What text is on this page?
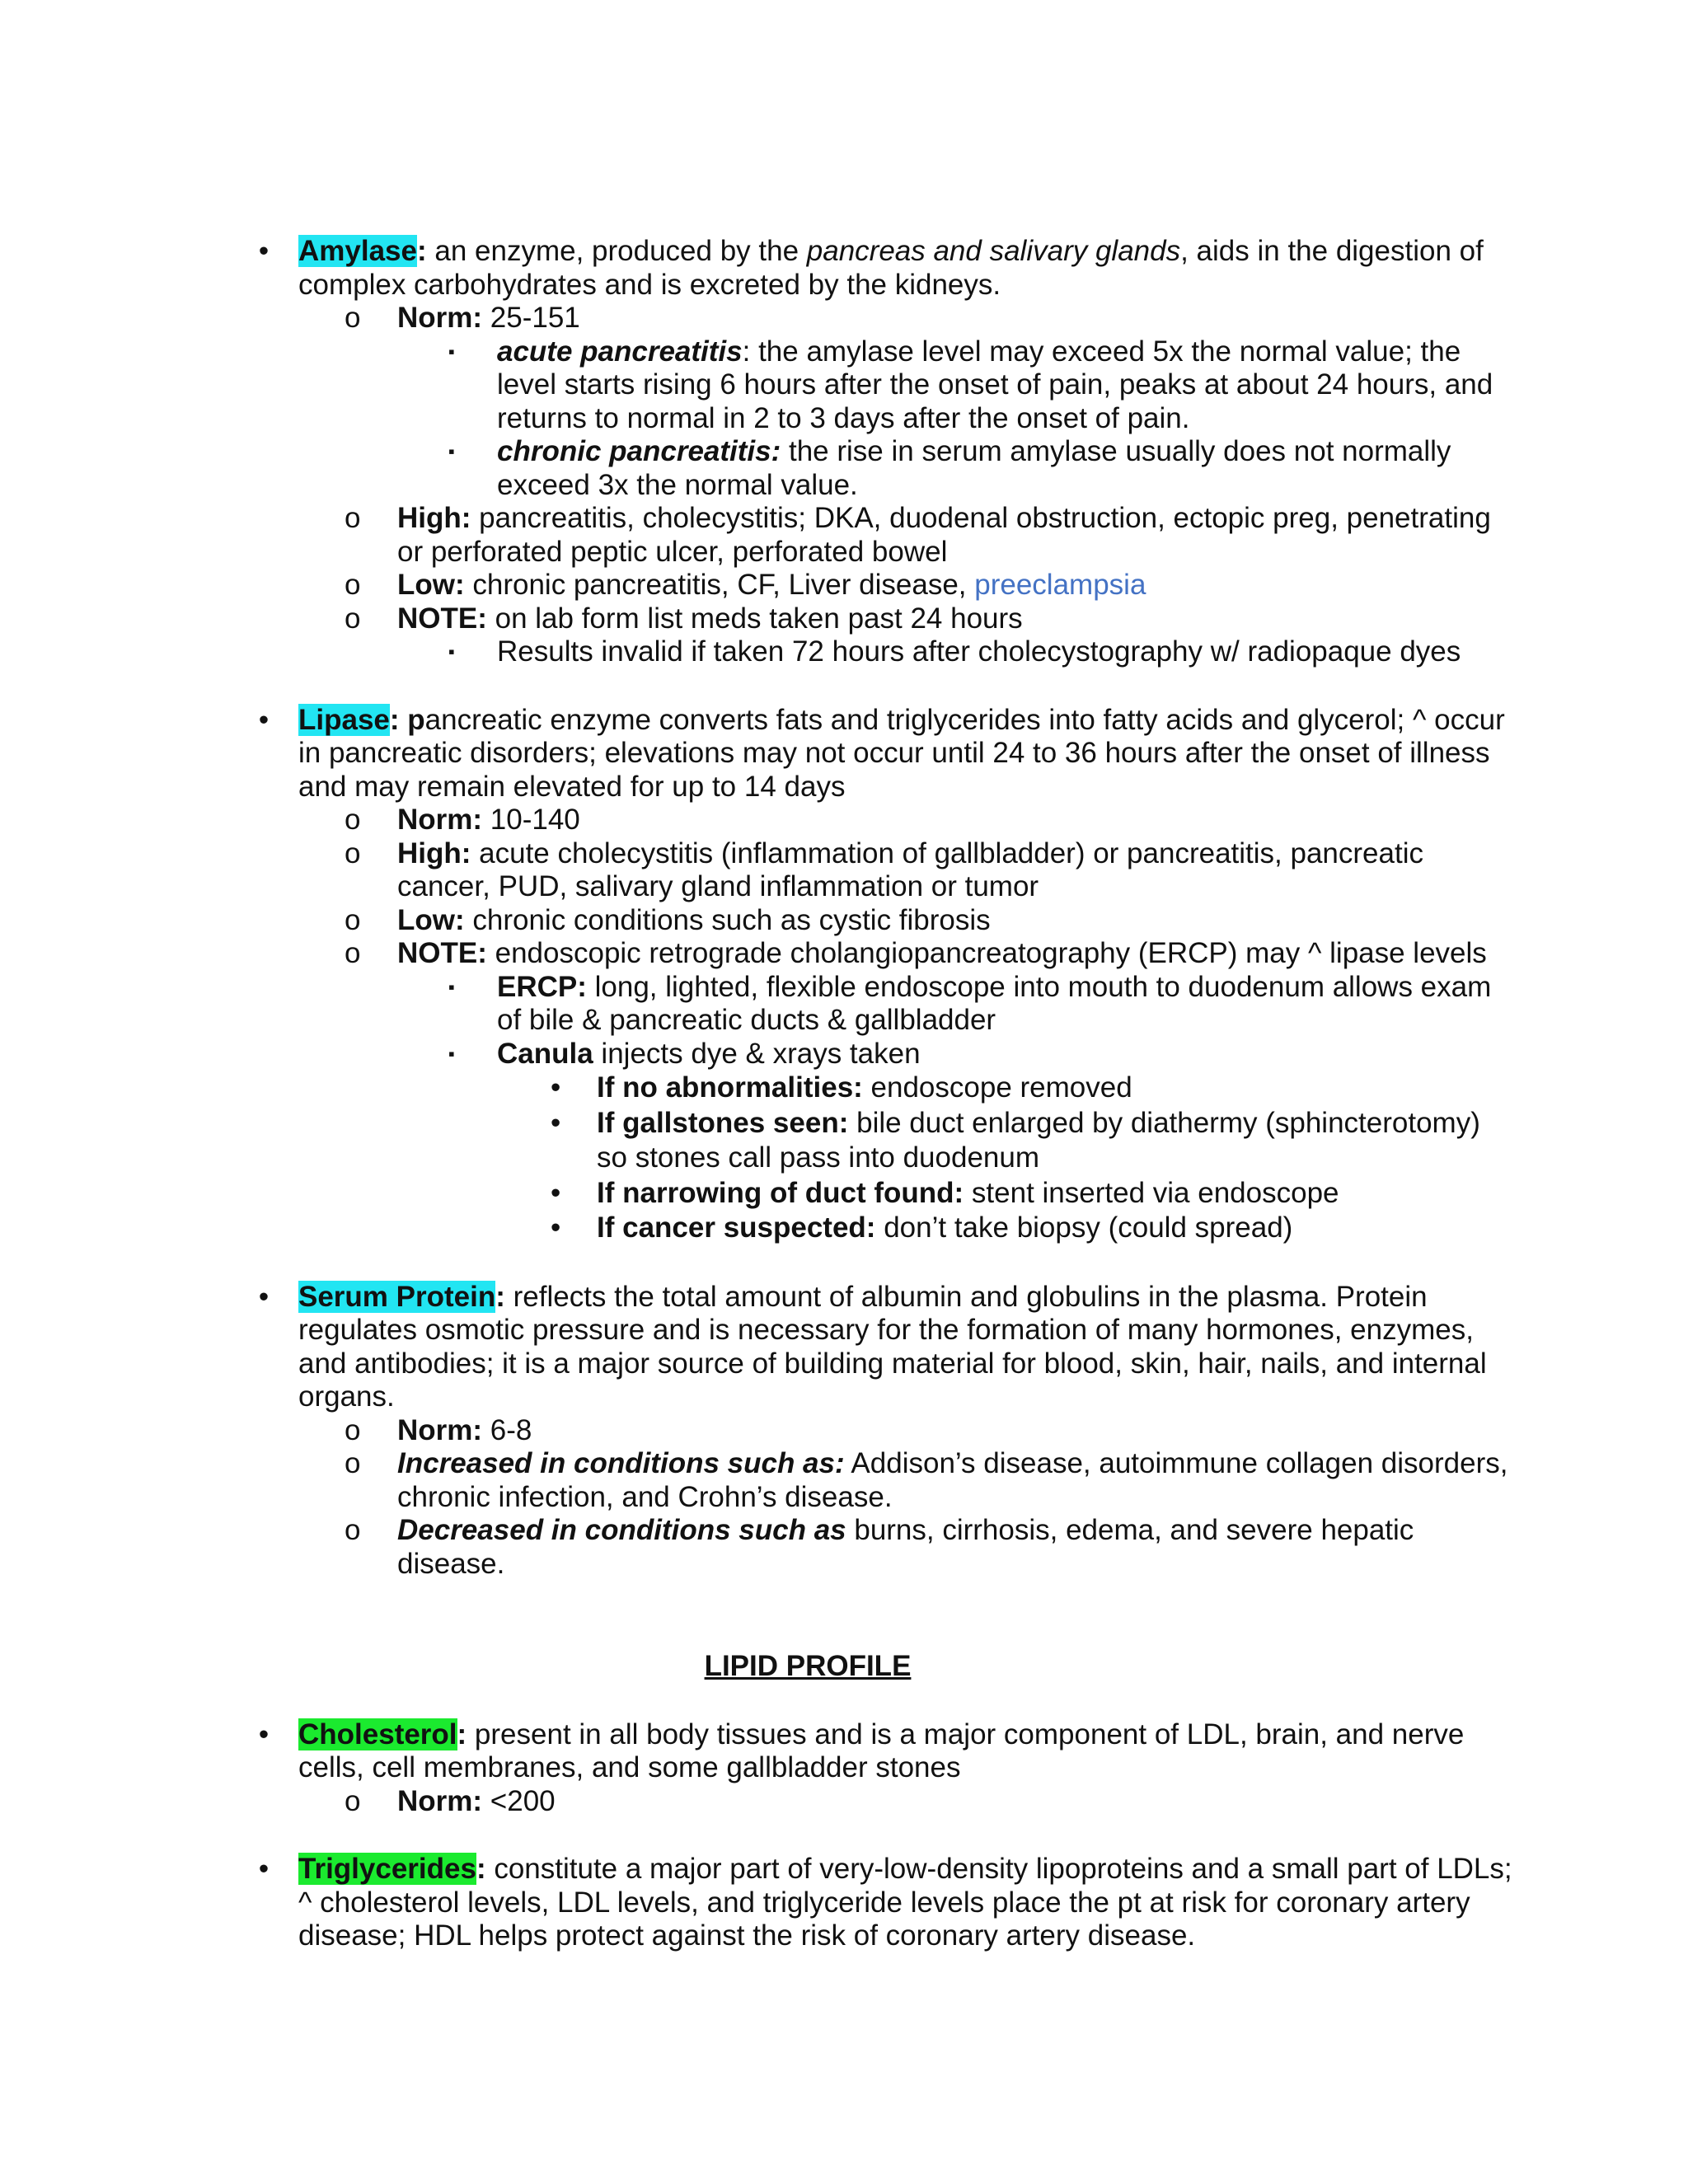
•	Amylase: an enzyme, produced by the pancreas and salivary glands, aids in the digestion of complex carbohydrates and is excreted by the kidneys.
o Norm: 25-151
▪ acute pancreatitis: the amylase level may exceed 5x the normal value; the level starts rising 6 hours after the onset of pain, peaks at about 24 hours, and returns to normal in 2 to 3 days after the onset of pain.
▪ chronic pancreatitis: the rise in serum amylase usually does not normally exceed 3x the normal value.
o High: pancreatitis, cholecystitis; DKA, duodenal obstruction, ectopic preg, penetrating or perforated peptic ulcer, perforated bowel
o Low: chronic pancreatitis, CF, Liver disease, preeclampsia
o NOTE: on lab form list meds taken past 24 hours
▪ Results invalid if taken 72 hours after cholecystography w/ radiopaque dyes
•	Lipase: pancreatic enzyme converts fats and triglycerides into fatty acids and glycerol; ^ occur in pancreatic disorders; elevations may not occur until 24 to 36 hours after the onset of illness and may remain elevated for up to 14 days
o Norm: 10-140
o High: acute cholecystitis (inflammation of gallbladder) or pancreatitis, pancreatic cancer, PUD, salivary gland inflammation or tumor
o Low: chronic conditions such as cystic fibrosis
o NOTE: endoscopic retrograde cholangiopancreatography (ERCP) may ^ lipase levels
▪ ERCP: long, lighted, flexible endoscope into mouth to duodenum allows exam of bile & pancreatic ducts & gallbladder
▪ Canula injects dye & xrays taken
• If no abnormalities: endoscope removed
• If gallstones seen: bile duct enlarged by diathermy (sphincterotomy) so stones call pass into duodenum
• If narrowing of duct found: stent inserted via endoscope
• If cancer suspected: don’t take biopsy (could spread)
•	Serum Protein: reflects the total amount of albumin and globulins in the plasma. Protein regulates osmotic pressure and is necessary for the formation of many hormones, enzymes, and antibodies; it is a major source of building material for blood, skin, hair, nails, and internal organs.
o Norm: 6-8
o Increased in conditions such as: Addison’s disease, autoimmune collagen disorders, chronic infection, and Crohn’s disease.
o Decreased in conditions such as burns, cirrhosis, edema, and severe hepatic disease.
LIPID PROFILE
•	Cholesterol: present in all body tissues and is a major component of LDL, brain, and nerve cells, cell membranes, and some gallbladder stones
o Norm: <200
•	Triglycerides: constitute a major part of very-low-density lipoproteins and a small part of LDLs; ^ cholesterol levels, LDL levels, and triglyceride levels place the pt at risk for coronary artery disease; HDL helps protect against the risk of coronary artery disease.
